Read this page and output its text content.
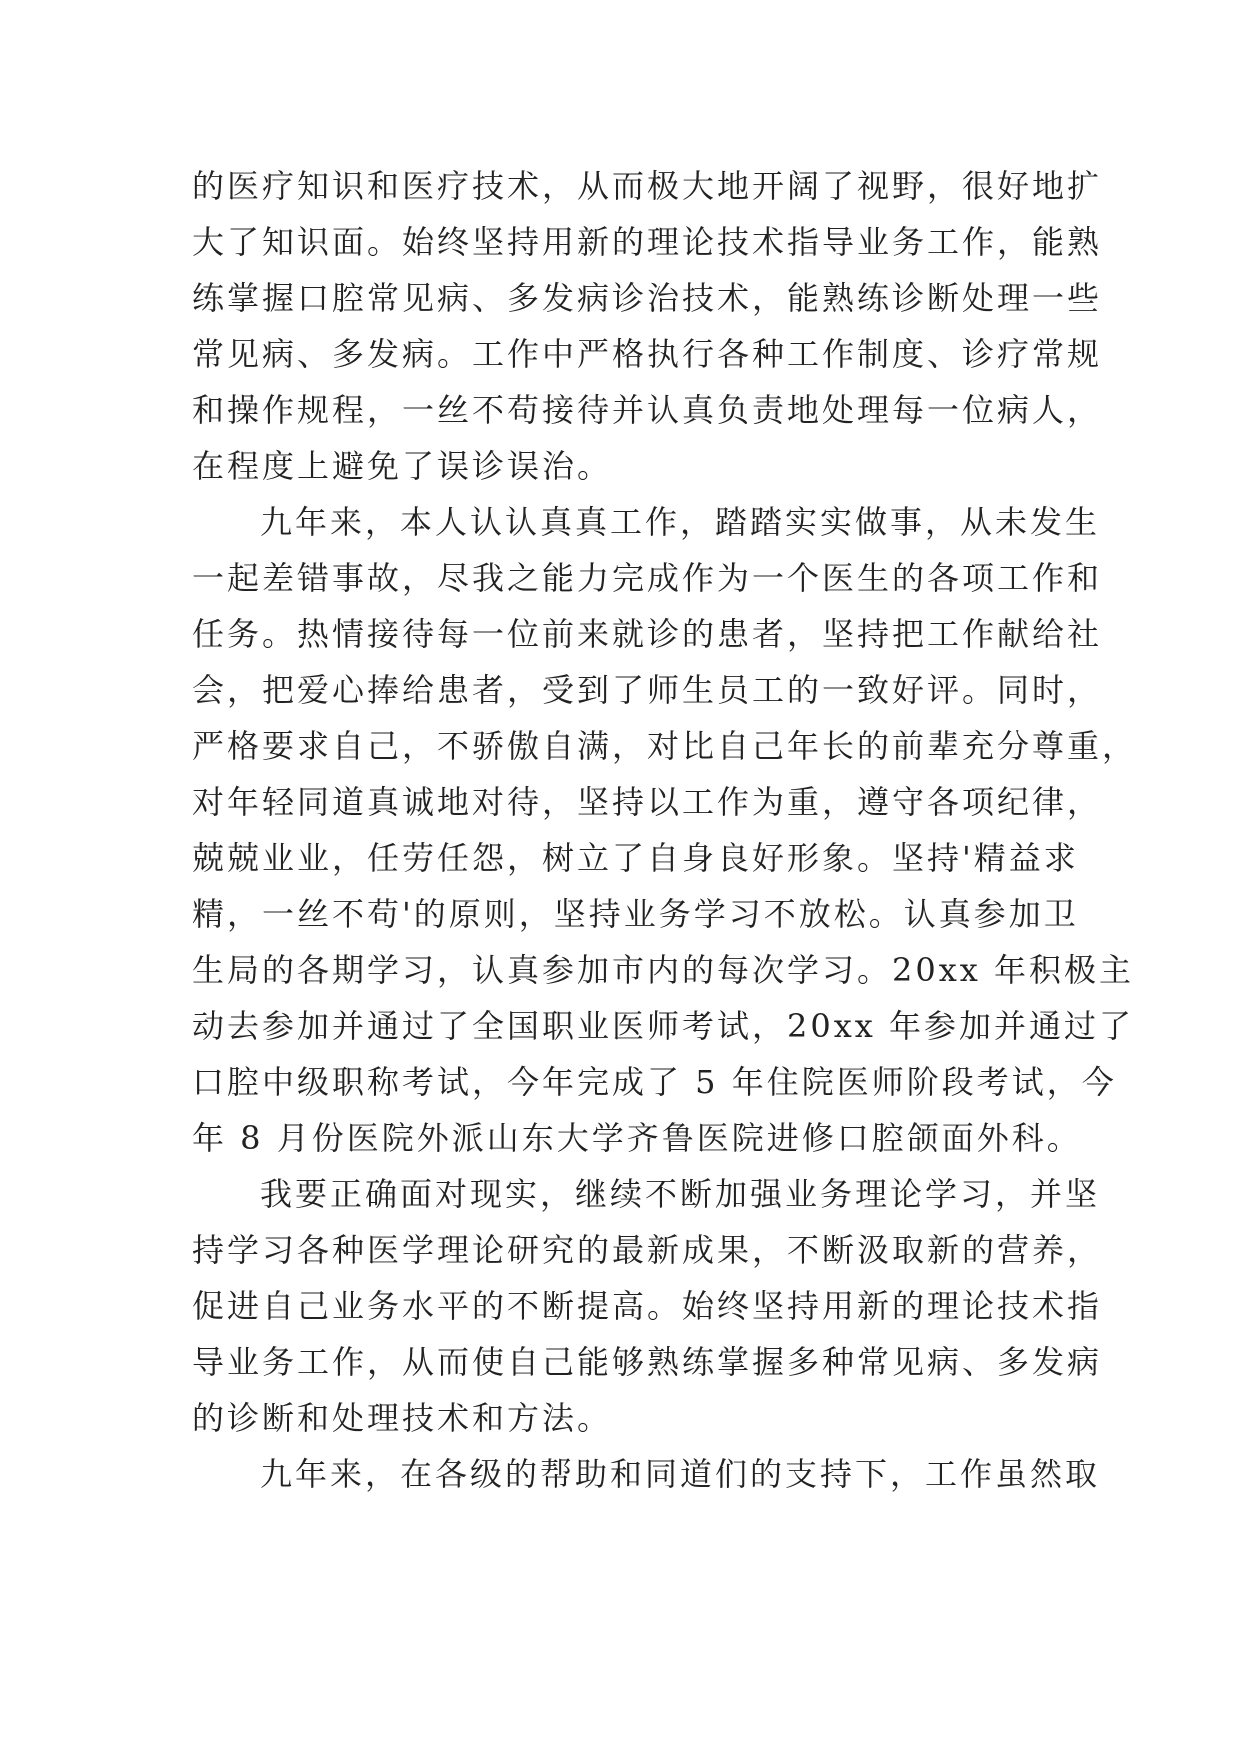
的医疗知识和医疗技术，从而极大地开阔了视野，很好地扩
大了知识面。始终坚持用新的理论技术指导业务工作，能熟
练掌握口腔常见病、多发病诊治技术，能熟练诊断处理一些
常见病、多发病。工作中严格执行各种工作制度、诊疗常规
和操作规程，一丝不苟接待并认真负责地处理每一位病人，
在程度上避免了误诊误治。
九年来，本人认认真真工作，踏踏实实做事，从未发生
一起差错事故，尽我之能力完成作为一个医生的各项工作和
任务。热情接待每一位前来就诊的患者，坚持把工作献给社
会，把爱心捧给患者，受到了师生员工的一致好评。同时，
严格要求自己，不骄傲自满，对比自己年长的前辈充分尊重，
对年轻同道真诚地对待，坚持以工作为重，遵守各项纪律，
兢兢业业，任劳任怨，树立了自身良好形象。坚持'精益求
精，一丝不苟'的原则，坚持业务学习不放松。认真参加卫
生局的各期学习，认真参加市内的每次学习。20xx 年积极主
动去参加并通过了全国职业医师考试，20xx 年参加并通过了
口腔中级职称考试，今年完成了 5 年住院医师阶段考试，今
年 8 月份医院外派山东大学齐鲁医院进修口腔颌面外科。
我要正确面对现实，继续不断加强业务理论学习，并坚
持学习各种医学理论研究的最新成果，不断汲取新的营养，
促进自己业务水平的不断提高。始终坚持用新的理论技术指
导业务工作，从而使自己能够熟练掌握多种常见病、多发病
的诊断和处理技术和方法。
九年来，在各级的帮助和同道们的支持下，工作虽然取
